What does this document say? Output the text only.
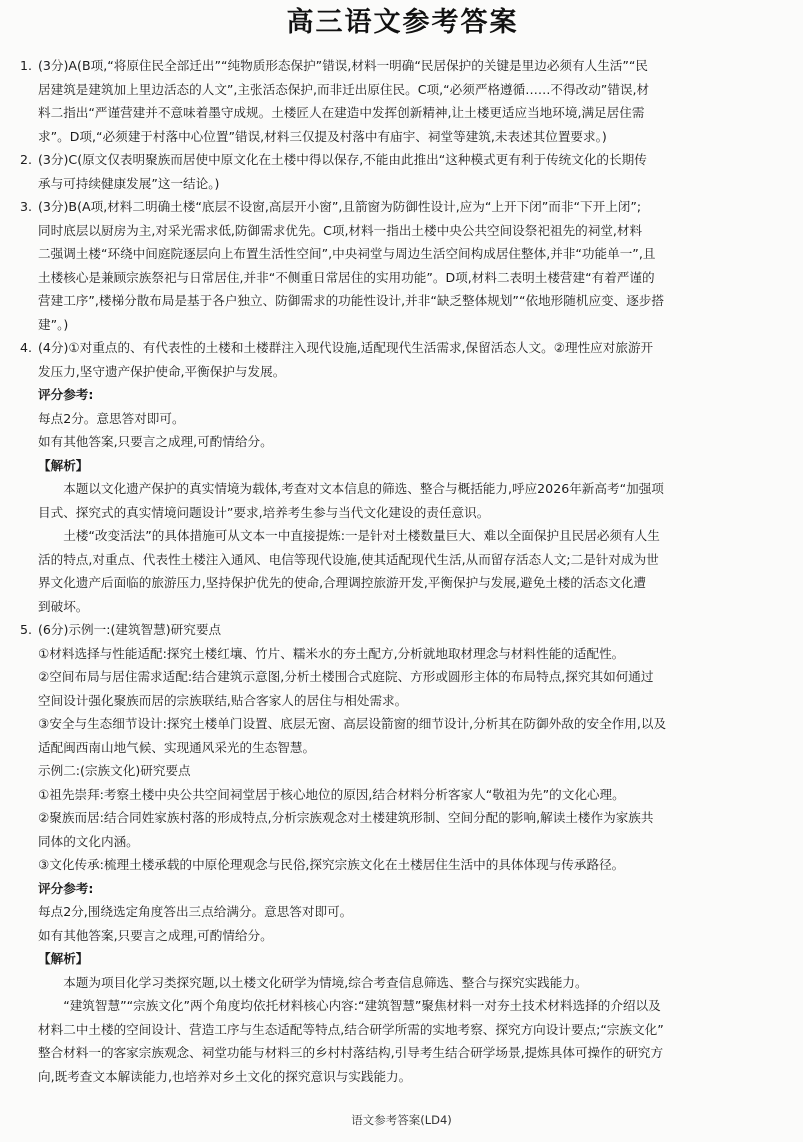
高三语文参考答案
1. (3分)A(B项,“将原住民全部迁出”“纯物质形态保护”错误,材料一明确“民居保护的关键是里边必须有人生活”“民
居建筑是建筑加上里边活态的人文”,主张活态保护,而非迁出原住民。C项,“必须严格遵循……不得改动”错误,材
料二指出“严谨营建并不意味着墨守成规。土楼匠人在建造中发挥创新精神,让土楼更适应当地环境,满足居住需
求”。D项,“必须建于村落中心位置”错误,材料三仅提及村落中有庙宇、祠堂等建筑,未表述其位置要求。)
2. (3分)C(原文仅表明聚族而居使中原文化在土楼中得以保存,不能由此推出“这种模式更有利于传统文化的长期传
承与可持续健康发展”这一结论。)
3. (3分)B(A项,材料二明确土楼“底层不设窗,高层开小窗”,且箭窗为防御性设计,应为“上开下闭”而非“下开上闭”;
同时底层以厨房为主,对采光需求低,防御需求优先。C项,材料一指出土楼中央公共空间设祭祀祖先的祠堂,材料
二强调土楼“环绕中间庭院逐层向上布置生活性空间”,中央祠堂与周边生活空间构成居住整体,并非“功能单一”,且
土楼核心是兼顾宗族祭祀与日常居住,并非“不侧重日常居住的实用功能”。D项,材料二表明土楼营建“有着严谨的
营建工序”,楼梯分散布局是基于各户独立、防御需求的功能性设计,并非“缺乏整体规划”“依地形随机应变、逐步搭
建”。)
4. (4分)①对重点的、有代表性的土楼和土楼群注入现代设施,适配现代生活需求,保留活态人文。②理性应对旅游开
发压力,坚守遗产保护使命,平衡保护与发展。
评分参考:
每点2分。意思答对即可。
如有其他答案,只要言之成理,可酌情给分。
【解析】
本题以文化遗产保护的真实情境为载体,考查对文本信息的筛选、整合与概括能力,呼应2026年新高考“加强项
目式、探究式的真实情境问题设计”要求,培养考生参与当代文化建设的责任意识。
土楼“改变活法”的具体措施可从文本一中直接提炼:一是针对土楼数量巨大、难以全面保护且民居必须有人生
活的特点,对重点、代表性土楼注入通风、电信等现代设施,使其适配现代生活,从而留存活态人文;二是针对成为世
界文化遗产后面临的旅游压力,坚持保护优先的使命,合理调控旅游开发,平衡保护与发展,避免土楼的活态文化遭
到破坏。
5. (6分)示例一:(建筑智慧)研究要点
①材料选择与性能适配:探究土楼红壤、竹片、糯米水的夯土配方,分析就地取材理念与材料性能的适配性。
②空间布局与居住需求适配:结合建筑示意图,分析土楼围合式庭院、方形或圆形主体的布局特点,探究其如何通过
空间设计强化聚族而居的宗族联结,贴合客家人的居住与相处需求。
③安全与生态细节设计:探究土楼单门设置、底层无窗、高层设箭窗的细节设计,分析其在防御外敌的安全作用,以及
适配闽西南山地气候、实现通风采光的生态智慧。
示例二:(宗族文化)研究要点
①祖先崇拜:考察土楼中央公共空间祠堂居于核心地位的原因,结合材料分析客家人“敬祖为先”的文化心理。
②聚族而居:结合同姓家族村落的形成特点,分析宗族观念对土楼建筑形制、空间分配的影响,解读土楼作为家族共
同体的文化内涵。
③文化传承:梳理土楼承载的中原伦理观念与民俗,探究宗族文化在土楼居住生活中的具体体现与传承路径。
评分参考:
每点2分,围绕选定角度答出三点给满分。意思答对即可。
如有其他答案,只要言之成理,可酌情给分。
【解析】
本题为项目化学习类探究题,以土楼文化研学为情境,综合考查信息筛选、整合与探究实践能力。
“建筑智慧”“宗族文化”两个角度均依托材料核心内容:“建筑智慧”聚焦材料一对夯土技术材料选择的介绍以及
材料二中土楼的空间设计、营造工序与生态适配等特点,结合研学所需的实地考察、探究方向设计要点;“宗族文化”
整合材料一的客家宗族观念、祠堂功能与材料三的乡村村落结构,引导考生结合研学场景,提炼具体可操作的研究方
向,既考查文本解读能力,也培养对乡土文化的探究意识与实践能力。
语文参考答案(LD4)
